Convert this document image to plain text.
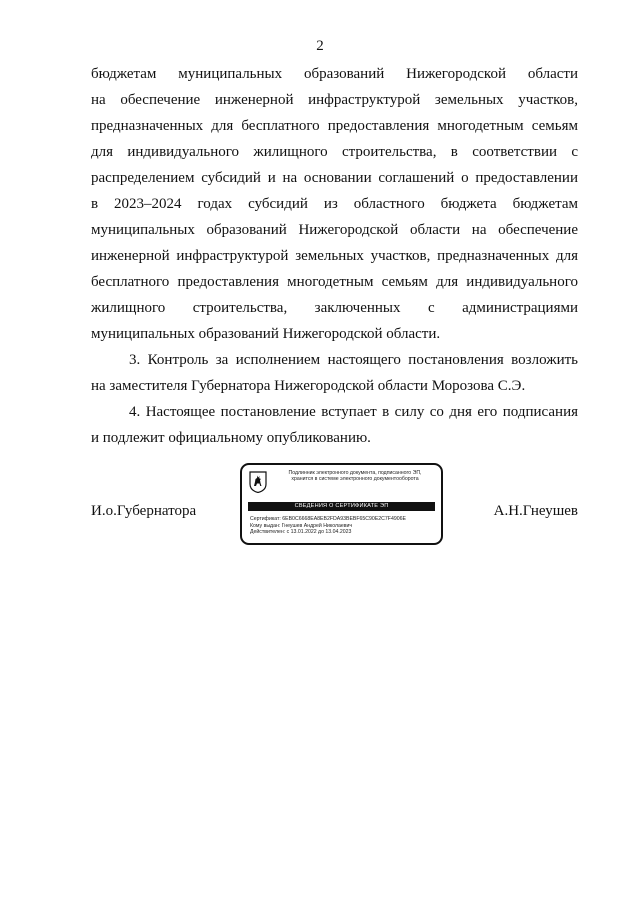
2

бюджетам муниципальных образований Нижегородской области

на обеспечение инженерной инфраструктурой земельных участков,

предназначенных для бесплатного предоставления многодетным семьям

для индивидуального жилищного строительства, в соответствии с

распределением субсидий и на основании соглашений о предоставлении

в 2023–2024 годах субсидий из областного бюджета бюджетам

муниципальных образований Нижегородской области на обеспечение

инженерной инфраструктурой земельных участков, предназначенных для

бесплатного предоставления многодетным семьям для индивидуального

жилищного строительства, заключенных с администрациями

муниципальных образований Нижегородской области.

3. Контроль за исполнением настоящего постановления возложить

на заместителя Губернатора Нижегородской области Морозова С.Э.

4. Настоящее постановление вступает в силу со дня его подписания

и подлежит официальному опубликованию.

И.о.Губернатора
Подлинник электронного документа, подписанного ЭП,
хранится в системе электронного документооборота
СВЕДЕНИЯ О СЕРТИФИКАТЕ ЭП
Сертификат: 6EB0C6668EA8EB2FDA93BEBF65C90E2C7F4906E
Кому выдан: Гнеушев Андрей Николаевич
Действителен: с 13.01.2022 до 13.04.2023
А.Н.Гнеушев
